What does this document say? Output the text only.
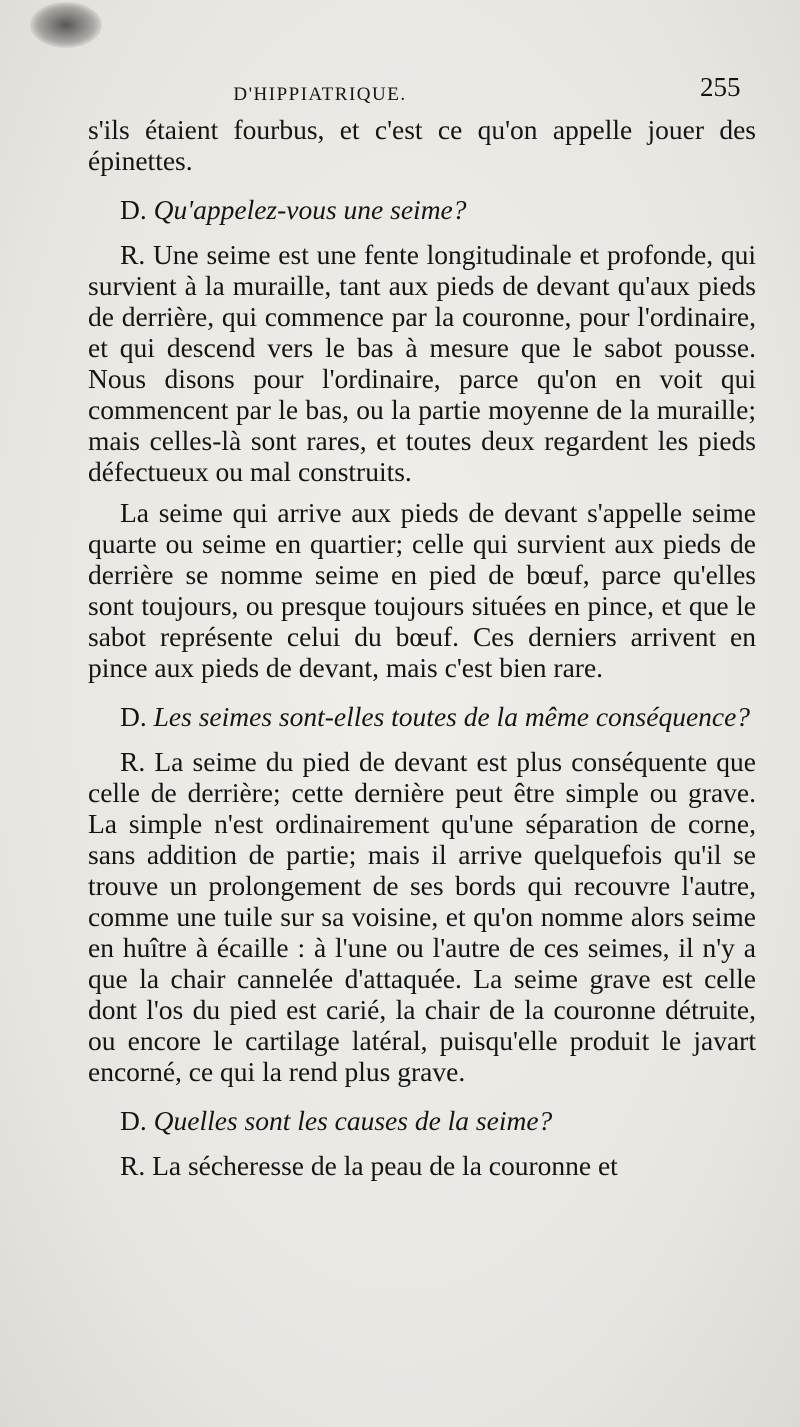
D'HIPPIATRIQUE.	255

s'ils étaient fourbus, et c'est ce qu'on appelle jouer des épinettes.

D. Qu'appelez-vous une seime?

R. Une seime est une fente longitudinale et profonde, qui survient à la muraille, tant aux pieds de devant qu'aux pieds de derrière, qui commence par la couronne, pour l'ordinaire, et qui descend vers le bas à mesure que le sabot pousse. Nous disons pour l'ordinaire, parce qu'on en voit qui commencent par le bas, ou la partie moyenne de la muraille; mais celles-là sont rares, et toutes deux regardent les pieds défectueux ou mal construits.

La seime qui arrive aux pieds de devant s'appelle seime quarte ou seime en quartier; celle qui survient aux pieds de derrière se nomme seime en pied de bœuf, parce qu'elles sont toujours, ou presque toujours situées en pince, et que le sabot représente celui du bœuf. Ces derniers arrivent en pince aux pieds de devant, mais c'est bien rare.

D. Les seimes sont-elles toutes de la même conséquence?

R. La seime du pied de devant est plus conséquente que celle de derrière; cette dernière peut être simple ou grave. La simple n'est ordinairement qu'une séparation de corne, sans addition de partie; mais il arrive quelquefois qu'il se trouve un prolongement de ses bords qui recouvre l'autre, comme une tuile sur sa voisine, et qu'on nomme alors seime en huître à écaille : à l'une ou l'autre de ces seimes, il n'y a que la chair cannelée d'attaquée. La seime grave est celle dont l'os du pied est carié, la chair de la couronne détruite, ou encore le cartilage latéral, puisqu'elle produit le javart encorné, ce qui la rend plus grave.

D. Quelles sont les causes de la seime?

R. La sécheresse de la peau de la couronne et
